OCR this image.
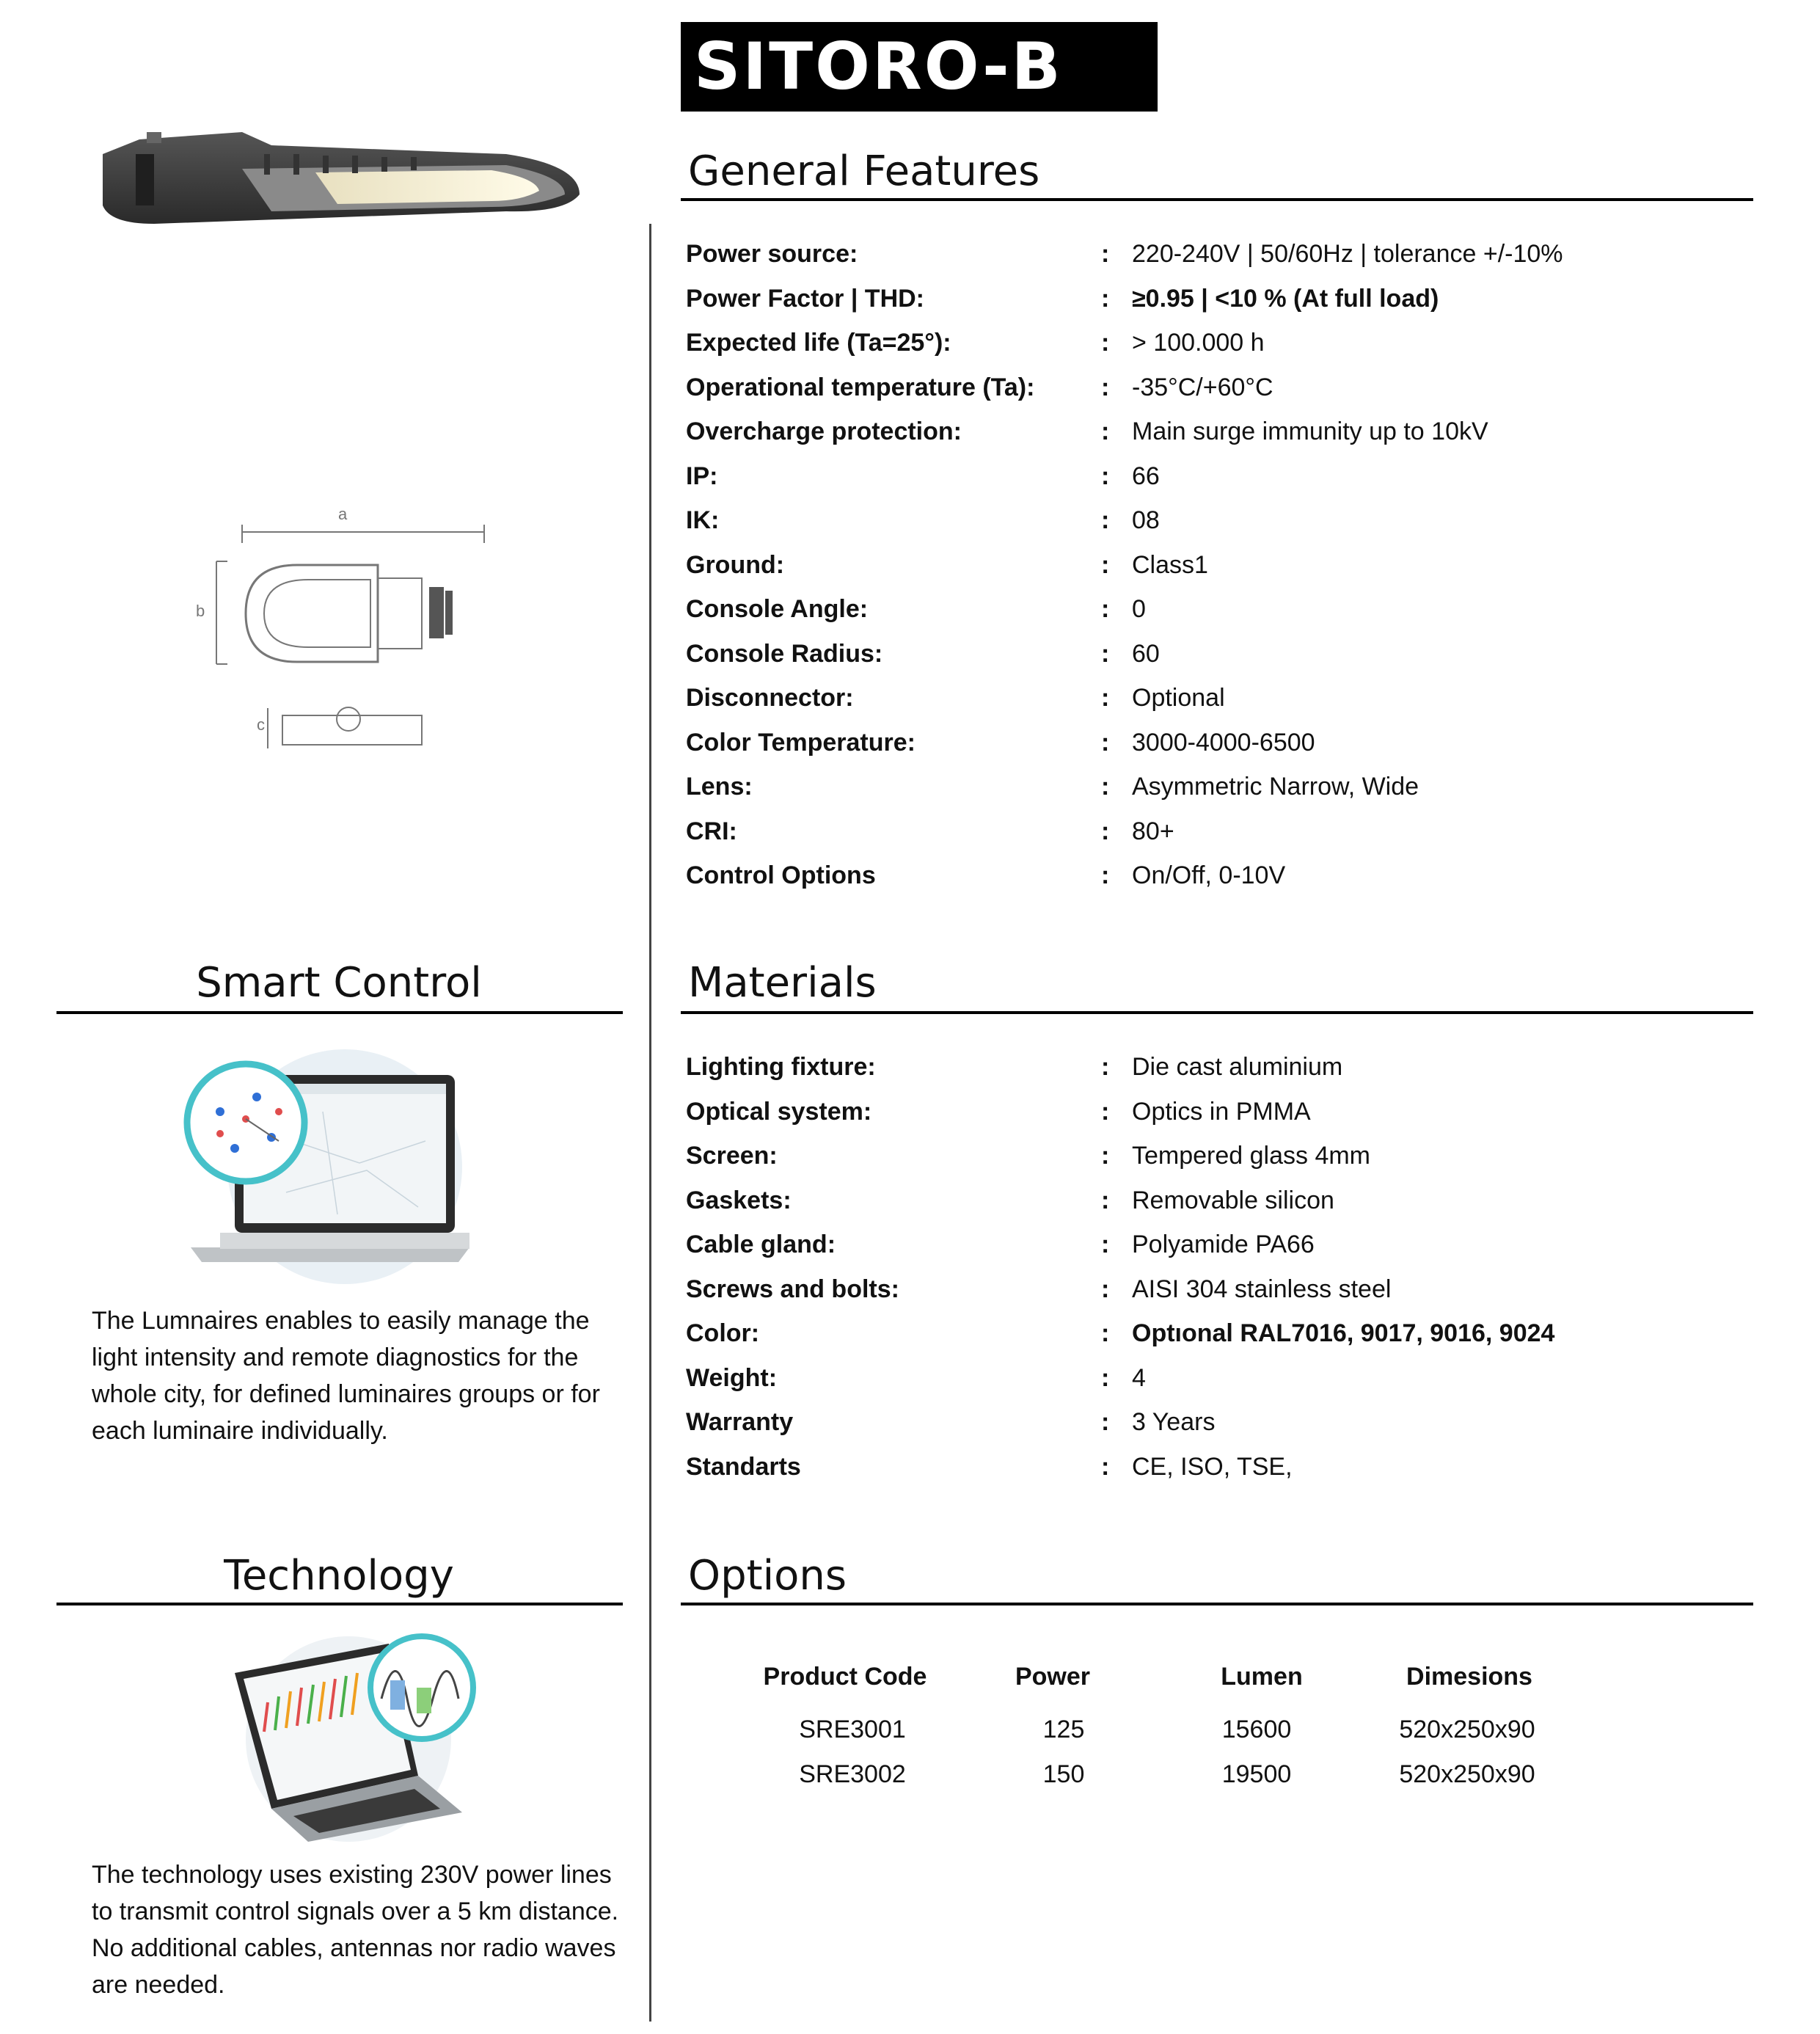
SITORO-B
a
b
c
General Features
Power source:	: 220-240V | 50/60Hz | tolerance +/-10%
Power Factor | THD:	: ≥0.95 | <10 % (At full load)
Expected life (Ta=25°):	: > 100.000 h
Operational temperature (Ta):	: -35°C/+60°C
Overcharge protection:	: Main surge immunity up to 10kV
IP:	: 66
IK:	: 08
Ground:	: Class1
Console Angle:	: 0
Console Radius:	: 60
Disconnector:	: Optional
Color Temperature:	: 3000-4000-6500
Lens:	: Asymmetric Narrow, Wide
CRI:	: 80+
Control Options	: On/Off, 0-10V
Materials
Lighting fixture:	: Die cast aluminium
Optical system:	: Optics in PMMA
Screen:	: Tempered glass 4mm
Gaskets:	: Removable silicon
Cable gland:	: Polyamide PA66
Screws and bolts:	: AISI 304 stainless steel
Color:	: Optıonal RAL7016, 9017, 9016, 9024
Weight:	: 4
Warranty	: 3 Years
Standarts	: CE, ISO, TSE,
Options
Product Code	Power	Lumen	Dimesions
SRE3001	125	15600	520x250x90
SRE3002	150	19500	520x250x90
Smart Control
The Lumnaires enables to easily manage the light intensity and remote diagnostics for the whole city, for defined luminaires groups or for each luminaire individually.
Technology
The technology uses existing 230V power lines to transmit control signals over a 5 km distance. No additional cables, antennas nor radio waves are needed.
